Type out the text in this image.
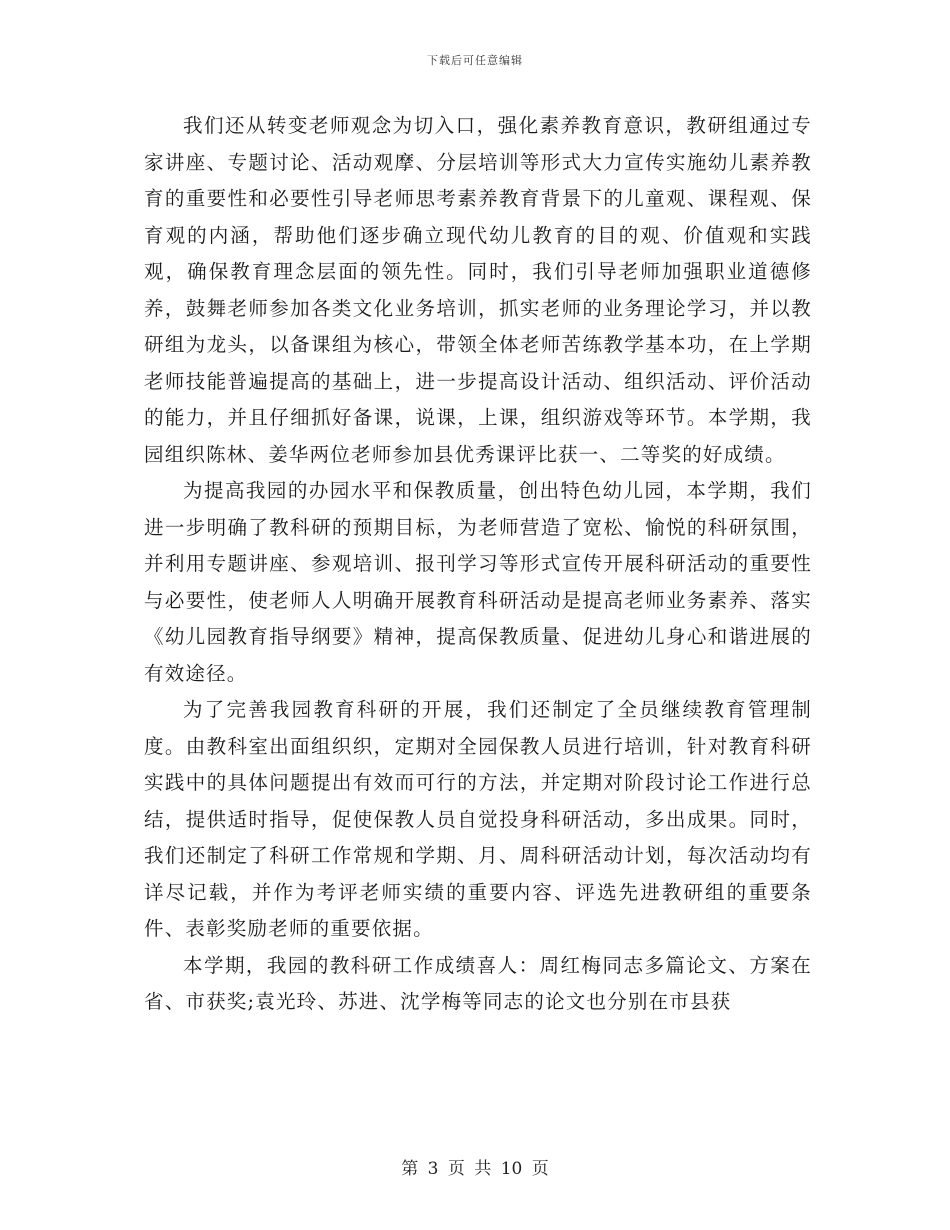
下载后可任意编辑

我们还从转变老师观念为切入口，强化素养教育意识，教研组通过专家讲座、专题讨论、活动观摩、分层培训等形式大力宣传实施幼儿素养教育的重要性和必要性引导老师思考素养教育背景下的儿童观、课程观、保育观的内涵，帮助他们逐步确立现代幼儿教育的目的观、价值观和实践观，确保教育理念层面的领先性。同时，我们引导老师加强职业道德修养，鼓舞老师参加各类文化业务培训，抓实老师的业务理论学习，并以教研组为龙头，以备课组为核心，带领全体老师苦练教学基本功，在上学期老师技能普遍提高的基础上，进一步提高设计活动、组织活动、评价活动的能力，并且仔细抓好备课，说课，上课，组织游戏等环节。本学期，我园组织陈林、姜华两位老师参加县优秀课评比获一、二等奖的好成绩。

为提高我园的办园水平和保教质量，创出特色幼儿园，本学期，我们进一步明确了教科研的预期目标，为老师营造了宽松、愉悦的科研氛围，并利用专题讲座、参观培训、报刊学习等形式宣传开展科研活动的重要性与必要性，使老师人人明确开展教育科研活动是提高老师业务素养、落实《幼儿园教育指导纲要》精神，提高保教质量、促进幼儿身心和谐进展的有效途径。

为了完善我园教育科研的开展，我们还制定了全员继续教育管理制度。由教科室出面组织织，定期对全园保教人员进行培训，针对教育科研实践中的具体问题提出有效而可行的方法，并定期对阶段讨论工作进行总结，提供适时指导，促使保教人员自觉投身科研活动，多出成果。同时，我们还制定了科研工作常规和学期、月、周科研活动计划，每次活动均有详尽记载，并作为考评老师实绩的重要内容、评选先进教研组的重要条件、表彰奖励老师的重要依据。

本学期，我园的教科研工作成绩喜人：周红梅同志多篇论文、方案在省、市获奖;袁光玲、苏进、沈学梅等同志的论文也分别在市县获

第 3 页 共 10 页
